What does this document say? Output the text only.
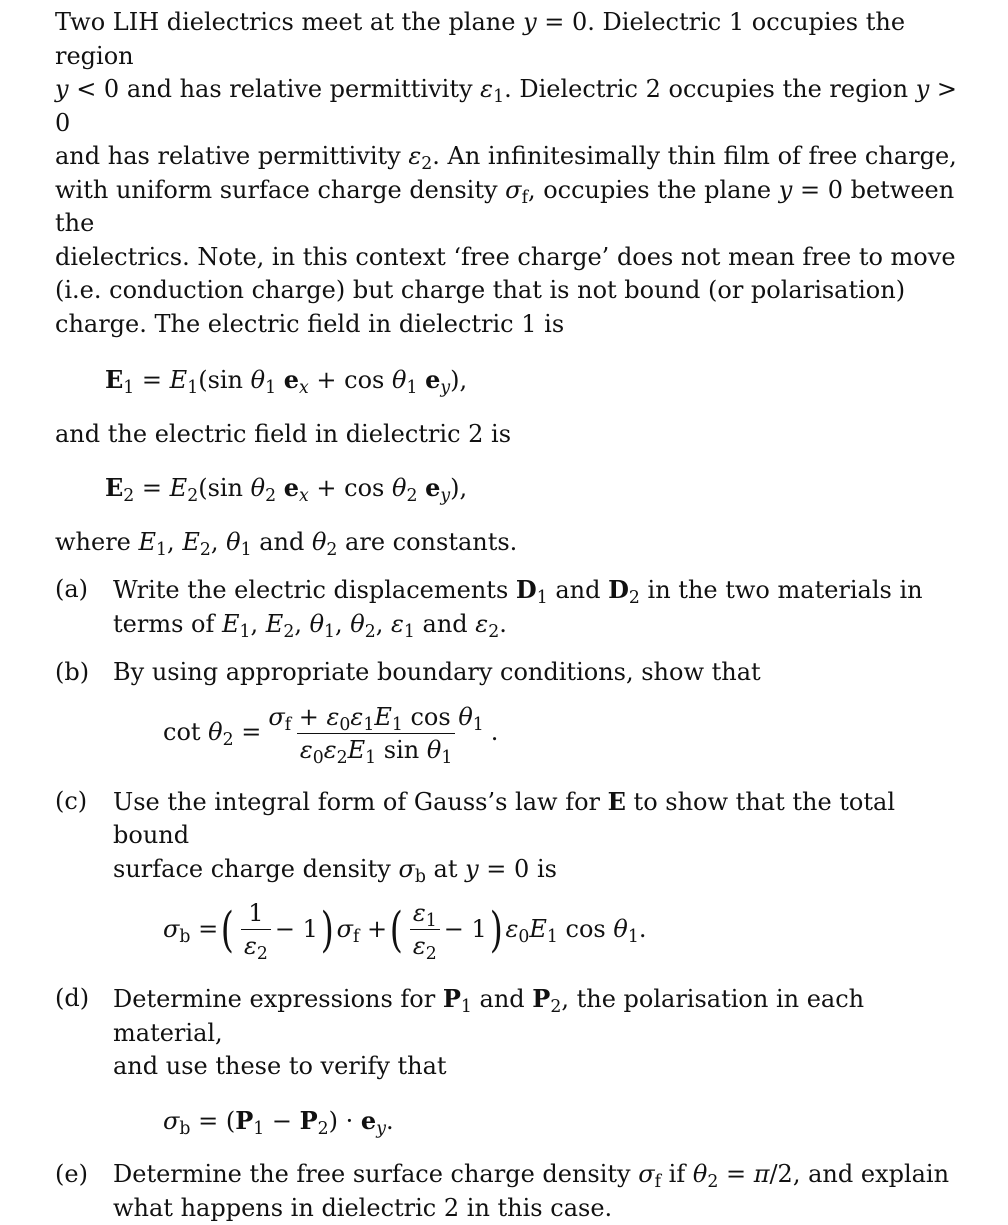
Two LIH dielectrics meet at the plane y = 0. Dielectric 1 occupies the region
y < 0 and has relative permittivity $\varepsilon_1$. Dielectric 2 occupies the region y > 0
and has relative permittivity $\varepsilon_2$. An infinitesimally thin film of free charge,
with uniform surface charge density $\sigma_f$, occupies the plane y = 0 between the
dielectrics. Note, in this context ‘free charge’ does not mean free to move
(i.e. conduction charge) but charge that is not bound (or polarisation)
charge. The electric field in dielectric 1 is

$E_1 = E_1(\sin$ $\theta_1$ $e_x + \cos \theta_1$ $e_y$),

and the electric field in dielectric 2 is

$E_2 = E_2(\sin$ $\theta_2$ $e_x + \cos \theta_2$ $e_y$),

where $E_1$, $E_2$, $\theta_1$ and $\theta_2$ are constants.

(a) Write the electric displacements $D_1$ and $D_2$ in the two materials in
terms of $E_1$, $E_2$, $\theta_1$, $\theta_2$, $\varepsilon_1$ and $\varepsilon_2$.
(b) By using appropriate boundary conditions, show that
$\cot \theta_2 = \frac{\sigma_f + \varepsilon_0\varepsilon_1E_1 \cos \theta_1}{\varepsilon_0\varepsilon_2E_1 \sin \theta_1}$ .
(c) Use the integral form of Gauss’s law for E to show that the total bound
surface charge density $\sigma_b$ at y = 0 is
$\sigma_b$ = ( $\frac{1}{\varepsilon_2} - 1$ ) $\sigma_f$ + ( $\frac{\varepsilon_1}{\varepsilon_2} - 1$ ) $\varepsilon_0E_1$ $\cos \theta_1$.
(d) Determine expressions for $P_1$ and $P_2$, the polarisation in each material,
and use these to verify that
$\sigma_b = (P_1 - P_2) \cdot e_y$.
(e) Determine the free surface charge density $\sigma_f$ if $\theta_2 = \pi/2$, and explain
what happens in dielectric 2 in this case.
